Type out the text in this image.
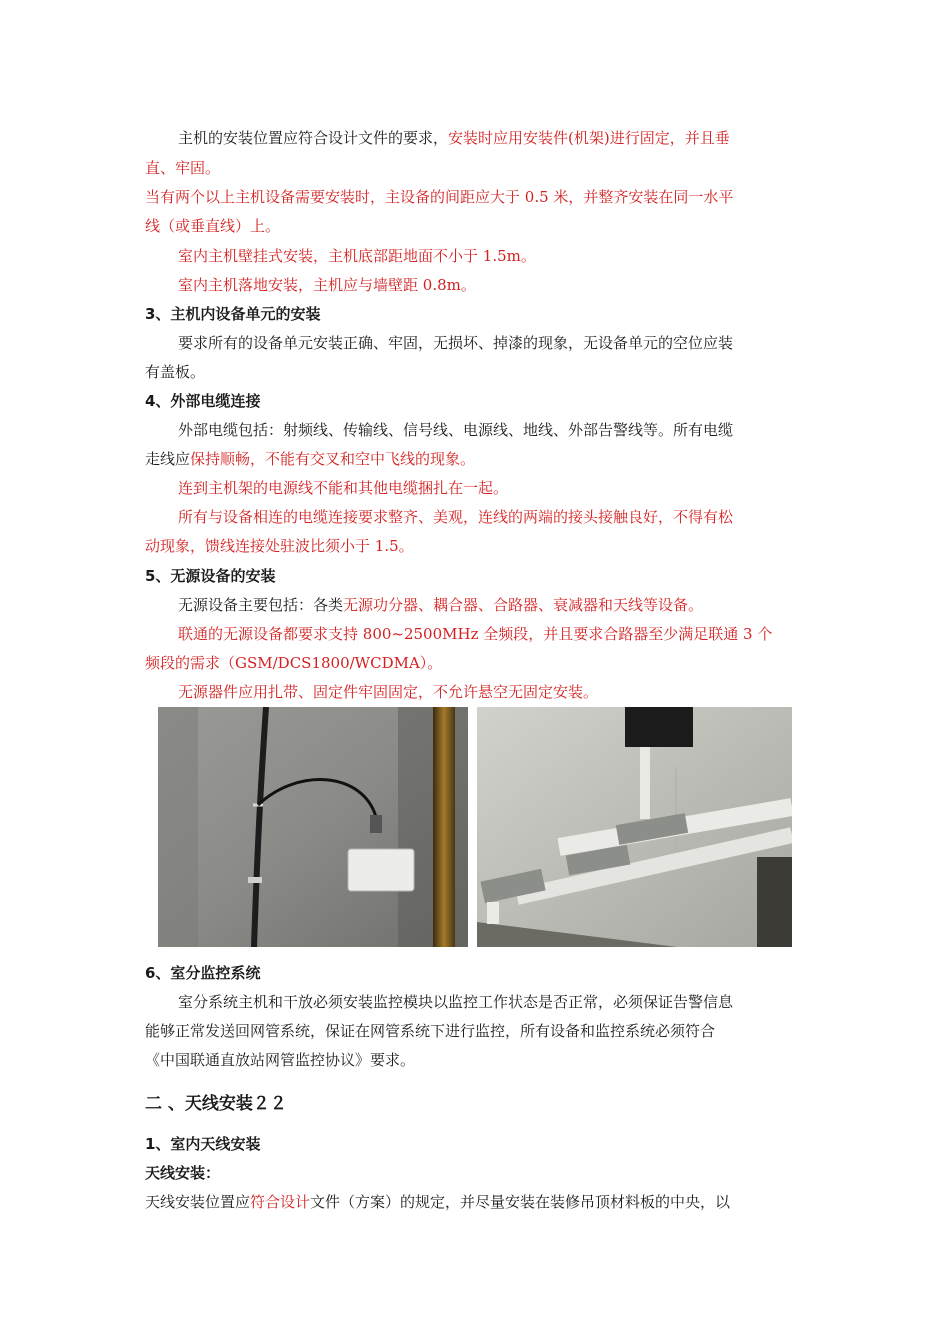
主机的安装位置应符合设计文件的要求，安装时应用安装件(机架)进行固定，并且垂
直、牢固。
当有两个以上主机设备需要安装时，主设备的间距应大于 0.5 米，并整齐安装在同一水平
线（或垂直线）上。
室内主机壁挂式安装，主机底部距地面不小于 1.5m。
室内主机落地安装，主机应与墙壁距 0.8m。
3、主机内设备单元的安装
要求所有的设备单元安装正确、牢固，无损坏、掉漆的现象，无设备单元的空位应装
有盖板。
4、外部电缆连接
外部电缆包括：射频线、传输线、信号线、电源线、地线、外部告警线等。所有电缆
走线应保持顺畅，不能有交叉和空中飞线的现象。
连到主机架的电源线不能和其他电缆捆扎在一起。
所有与设备相连的电缆连接要求整齐、美观，连线的两端的接头接触良好，不得有松
动现象，馈线连接处驻波比须小于 1.5。
5、无源设备的安装
无源设备主要包括：各类无源功分器、耦合器、合路器、衰减器和天线等设备。
联通的无源设备都要求支持 800~2500MHz 全频段，并且要求合路器至少满足联通 3 个
频段的需求（GSM/DCS1800/WCDMA）。
无源器件应用扎带、固定件牢固固定，不允许悬空无固定安装。
6、室分监控系统
室分系统主机和干放必须安装监控模块以监控工作状态是否正常，必须保证告警信息
能够正常发送回网管系统，保证在网管系统下进行监控，所有设备和监控系统必须符合
《中国联通直放站网管监控协议》要求。
二 、天线安装２２
1、室内天线安装
天线安装：
天线安装位置应符合设计文件（方案）的规定，并尽量安装在装修吊顶材料板的中央，以
